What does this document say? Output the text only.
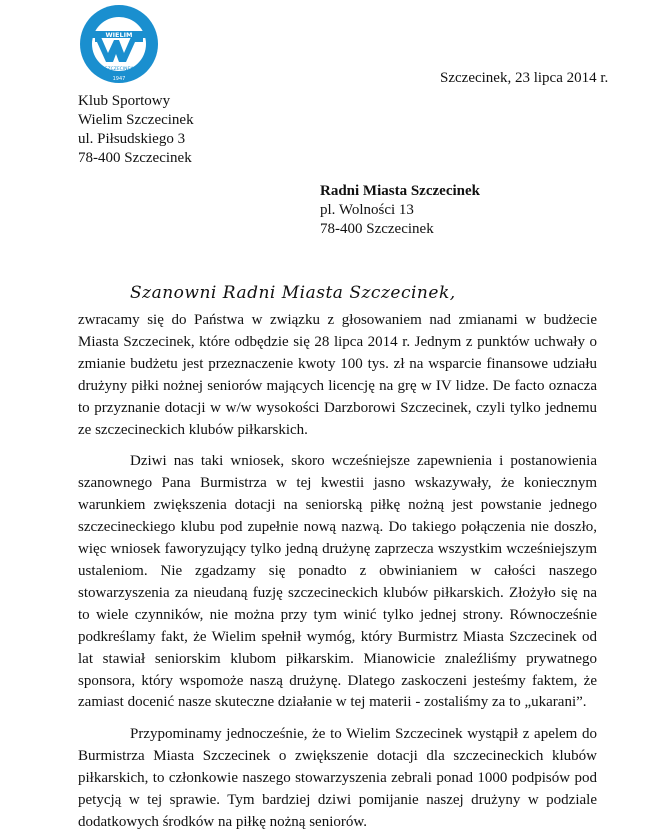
KS
WIELIM
SZCZECINEK
1947	Szczecinek, 23 lipca 2014 r.
Klub Sportowy
Wielim Szczecinek
ul. Piłsudskiego 3
78-400 Szczecinek
Radni Miasta Szczecinek
pl. Wolności 13
78-400 Szczecinek
Szanowni Radni Miasta Szczecinek,

zwracamy się do Państwa w związku z głosowaniem nad zmianami w budżecie Miasta Szczecinek, które odbędzie się 28 lipca 2014 r. Jednym z punktów uchwały o zmianie budżetu jest przeznaczenie kwoty 100 tys. zł na wsparcie finansowe udziału drużyny piłki nożnej seniorów mających licencję na grę w IV lidze. De facto oznacza to przyznanie dotacji w w/w wysokości Darzborowi Szczecinek, czyli tylko jednemu ze szczecineckich klubów piłkarskich.

Dziwi nas taki wniosek, skoro wcześniejsze zapewnienia i postanowienia szanownego Pana Burmistrza w tej kwestii jasno wskazywały, że koniecznym warunkiem zwiększenia dotacji na seniorską piłkę nożną jest powstanie jednego szczecineckiego klubu pod zupełnie nową nazwą. Do takiego połączenia nie doszło, więc wniosek faworyzujący tylko jedną drużynę zaprzecza wszystkim wcześniejszym ustaleniom. Nie zgadzamy się ponadto z obwinianiem w całości naszego stowarzyszenia za nieudaną fuzję szczecineckich klubów piłkarskich. Złożyło się na to wiele czynników, nie można przy tym winić tylko jednej strony. Równocześnie podkreślamy fakt, że Wielim spełnił wymóg, który Burmistrz Miasta Szczecinek od lat stawiał seniorskim klubom piłkarskim. Mianowicie znaleźliśmy prywatnego sponsora, który wspomoże naszą drużynę. Dlatego zaskoczeni jesteśmy faktem, że zamiast docenić nasze skuteczne działanie w tej materii - zostaliśmy za to „ukarani”.

Przypominamy jednocześnie, że to Wielim Szczecinek wystąpił z apelem do Burmistrza Miasta Szczecinek o zwiększenie dotacji dla szczecineckich klubów piłkarskich, to członkowie naszego stowarzyszenia zebrali ponad 1000 podpisów pod petycją w tej sprawie. Tym bardziej dziwi pomijanie naszej drużyny w podziale dodatkowych środków na piłkę nożną seniorów.
